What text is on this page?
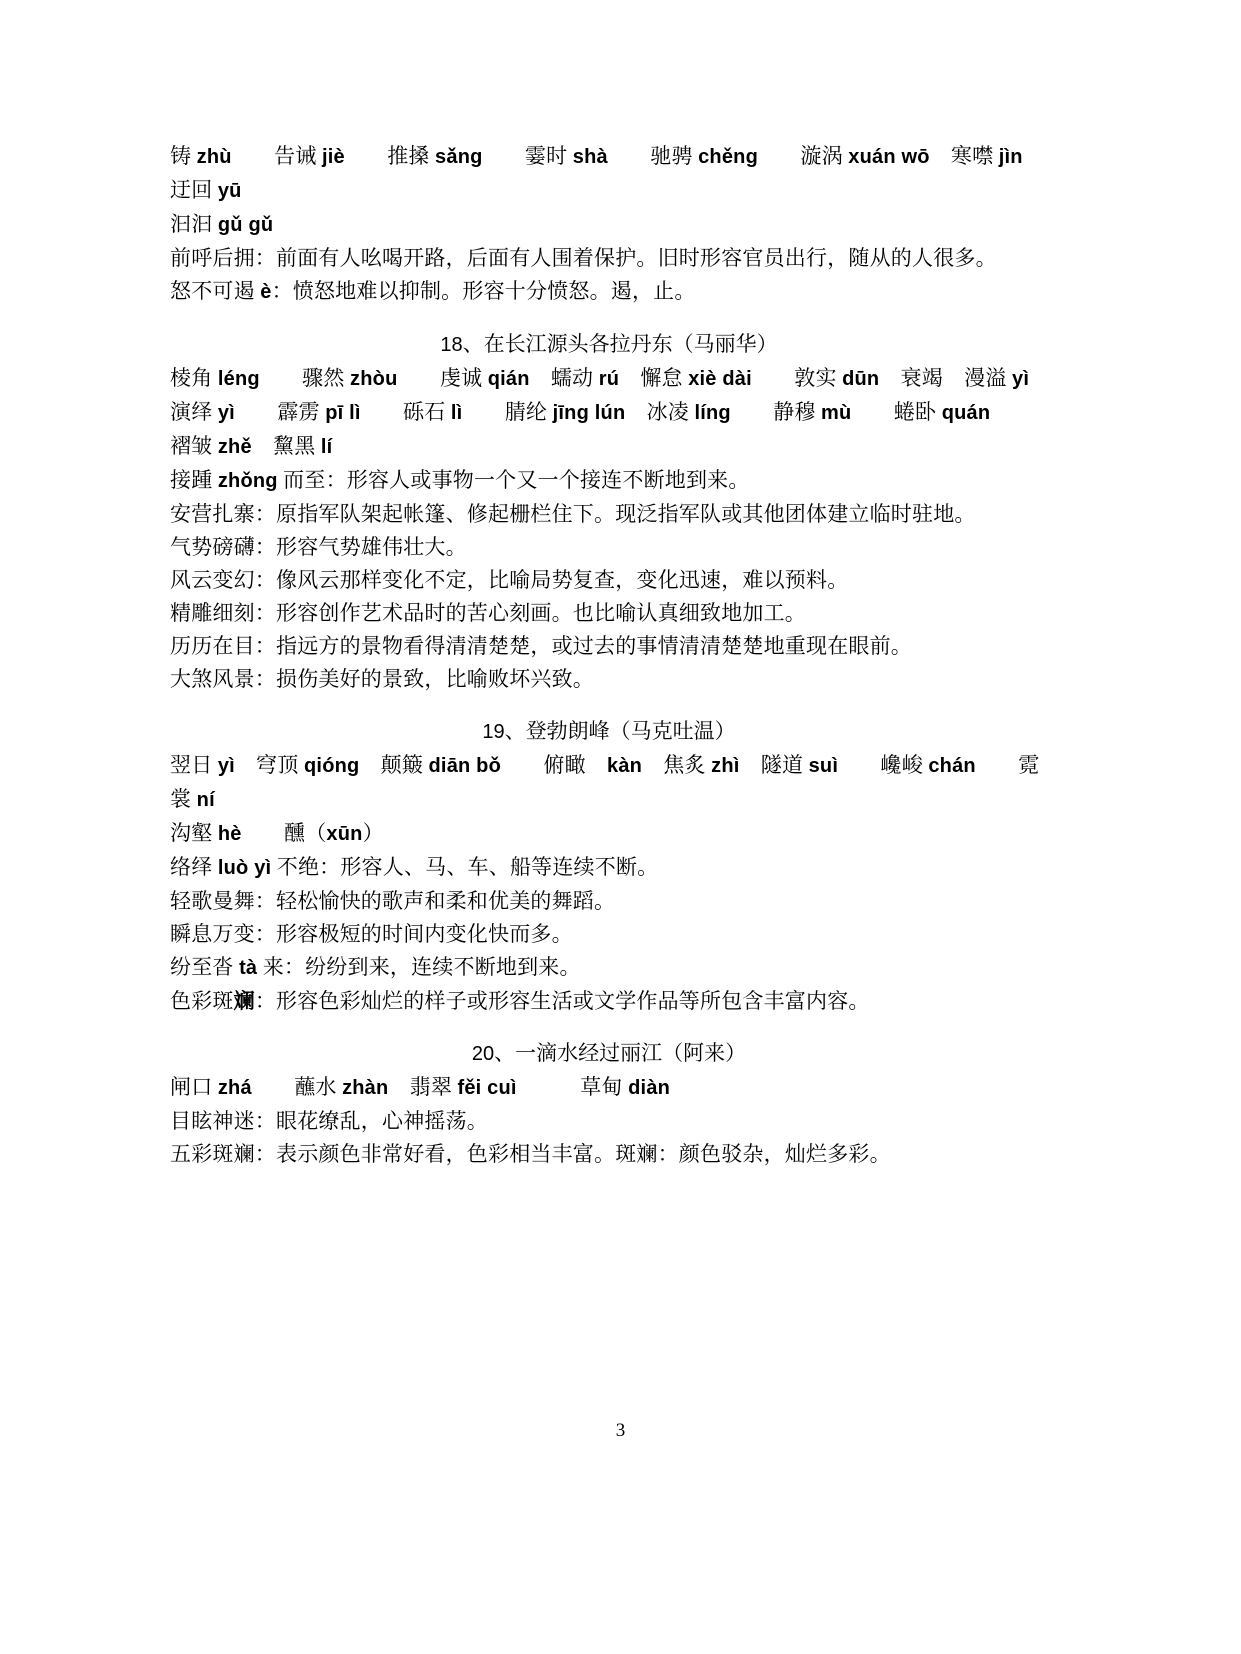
铸 zhù　　告诫 jiè　　推搡 sǎng　　霎时 shà　　驰骋 chěng　　漩涡 xuán wō　寒噤 jìn　　迂回 yū
汩汩 gǔ gǔ
前呼后拥：前面有人吆喝开路，后面有人围着保护。旧时形容官员出行，随从的人很多。
怒不可遏 è：愤怒地难以抑制。形容十分愤怒。遏，止。
18、在长江源头各拉丹东（马丽华）
棱角 léng　　骤然 zhòu　　虔诚 qián　蠕动 rú　懈怠 xiè dài　　敦实 dūn　衰竭　漫溢 yì
演绎 yì　　霹雳 pī lì　　砾石 lì　　腈纶 jīng lún　冰凌 líng　　静穆 mù　　蜷卧 quán
褶皱 zhě　黧黑 lí
接踵 zhǒng 而至：形容人或事物一个又一个接连不断地到来。
安营扎寨：原指军队架起帐篷、修起栅栏住下。现泛指军队或其他团体建立临时驻地。
气势磅礴：形容气势雄伟壮大。
风云变幻：像风云那样变化不定，比喻局势复查，变化迅速，难以预料。
精雕细刻：形容创作艺术品时的苦心刻画。也比喻认真细致地加工。
历历在目：指远方的景物看得清清楚楚，或过去的事情清清楚楚地重现在眼前。
大煞风景：损伤美好的景致，比喻败坏兴致。
19、登勃朗峰（马克吐温）
翌日 yì　穹顶 qióng　颠簸 diān bǒ　　俯瞰　kàn　焦炙 zhì　隧道 suì　　巉峻 chán　　霓裳 ní
沟壑 hè　　醺（xūn）
络绎 luò yì 不绝：形容人、马、车、船等连续不断。
轻歌曼舞：轻松愉快的歌声和柔和优美的舞蹈。
瞬息万变：形容极短的时间内变化快而多。
纷至沓 tà 来：纷纷到来，连续不断地到来。
色彩斑斓：形容色彩灿烂的样子或形容生活或文学作品等所包含丰富内容。
20、一滴水经过丽江（阿来）
闸口 zhá　　蘸水 zhàn　翡翠 fěi cuì　　　草甸 diàn
目眩神迷：眼花缭乱，心神摇荡。
五彩斑斓：表示颜色非常好看，色彩相当丰富。斑斓：颜色驳杂，灿烂多彩。
3
